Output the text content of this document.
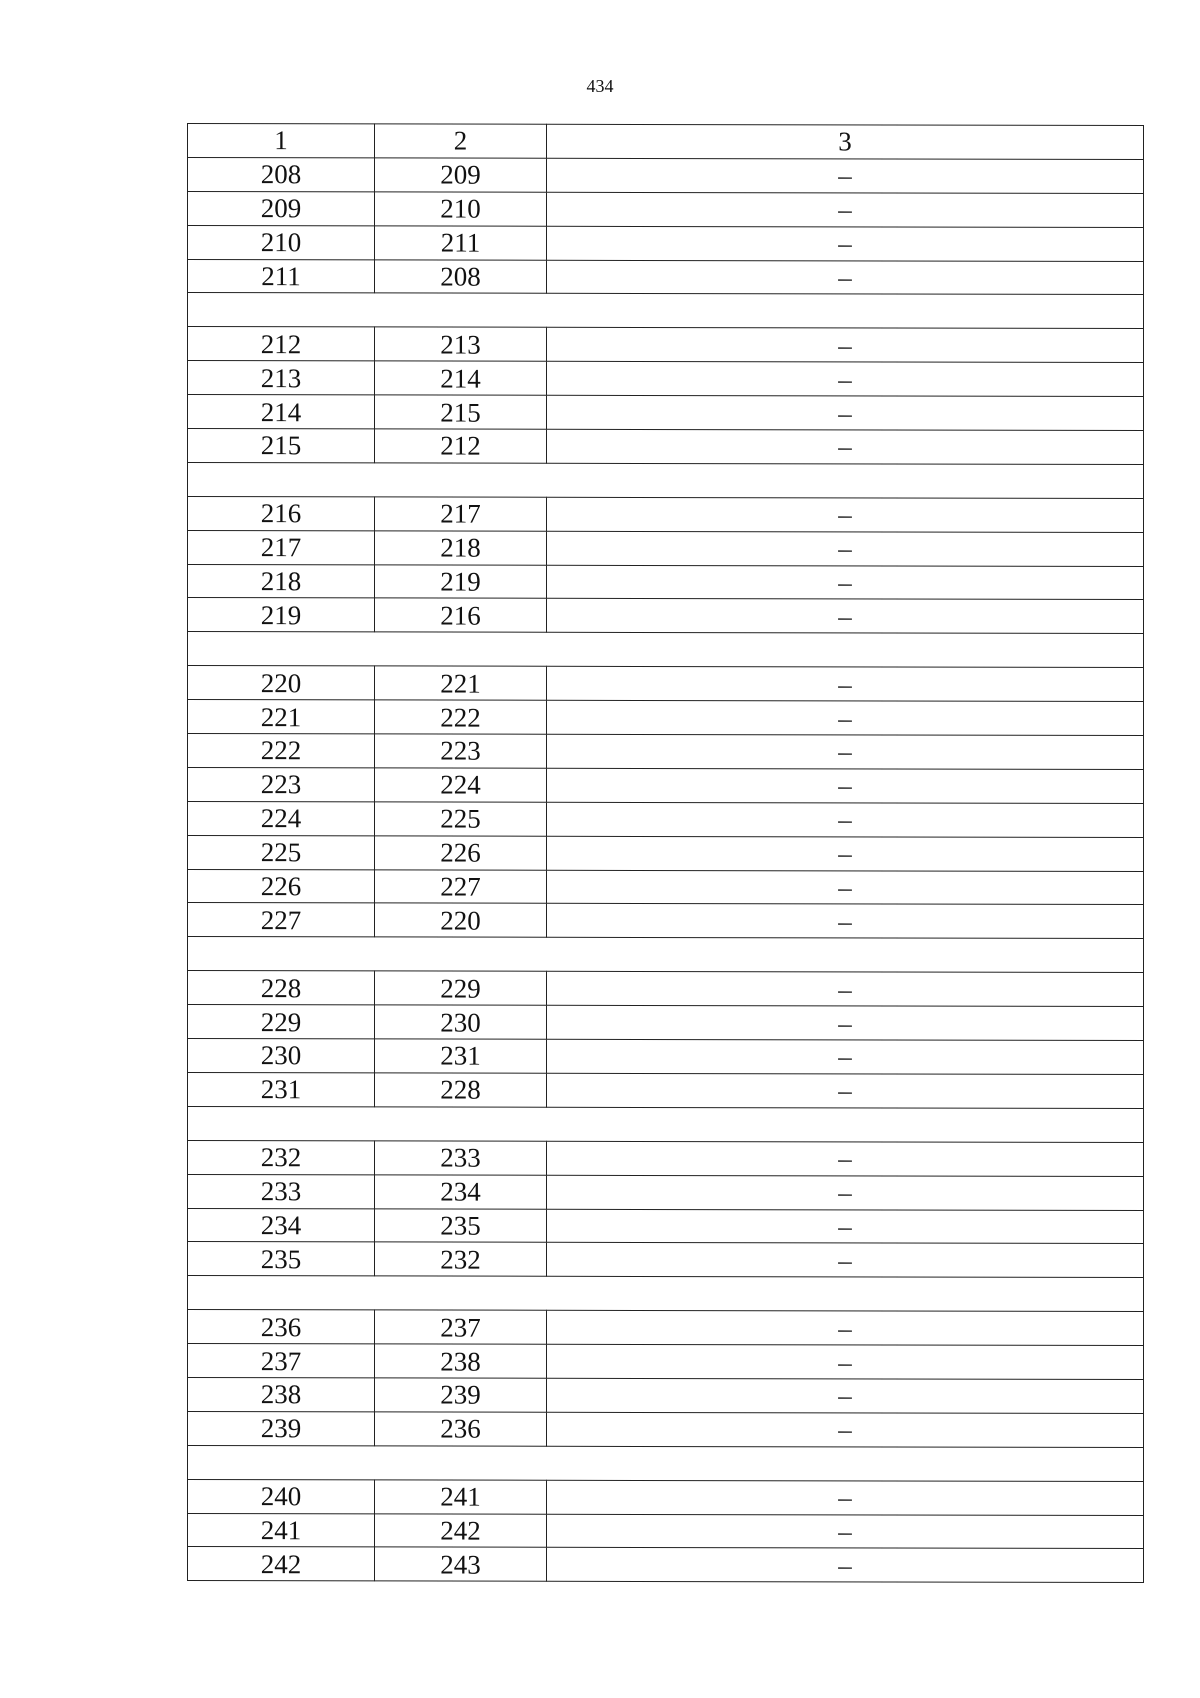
434
1	2	3
208	209	–
209	210	–
210	211	–
211	208	–

212	213	–
213	214	–
214	215	–
215	212	–

216	217	–
217	218	–
218	219	–
219	216	–

220	221	–
221	222	–
222	223	–
223	224	–
224	225	–
225	226	–
226	227	–
227	220	–

228	229	–
229	230	–
230	231	–
231	228	–

232	233	–
233	234	–
234	235	–
235	232	–

236	237	–
237	238	–
238	239	–
239	236	–

240	241	–
241	242	–
242	243	–
